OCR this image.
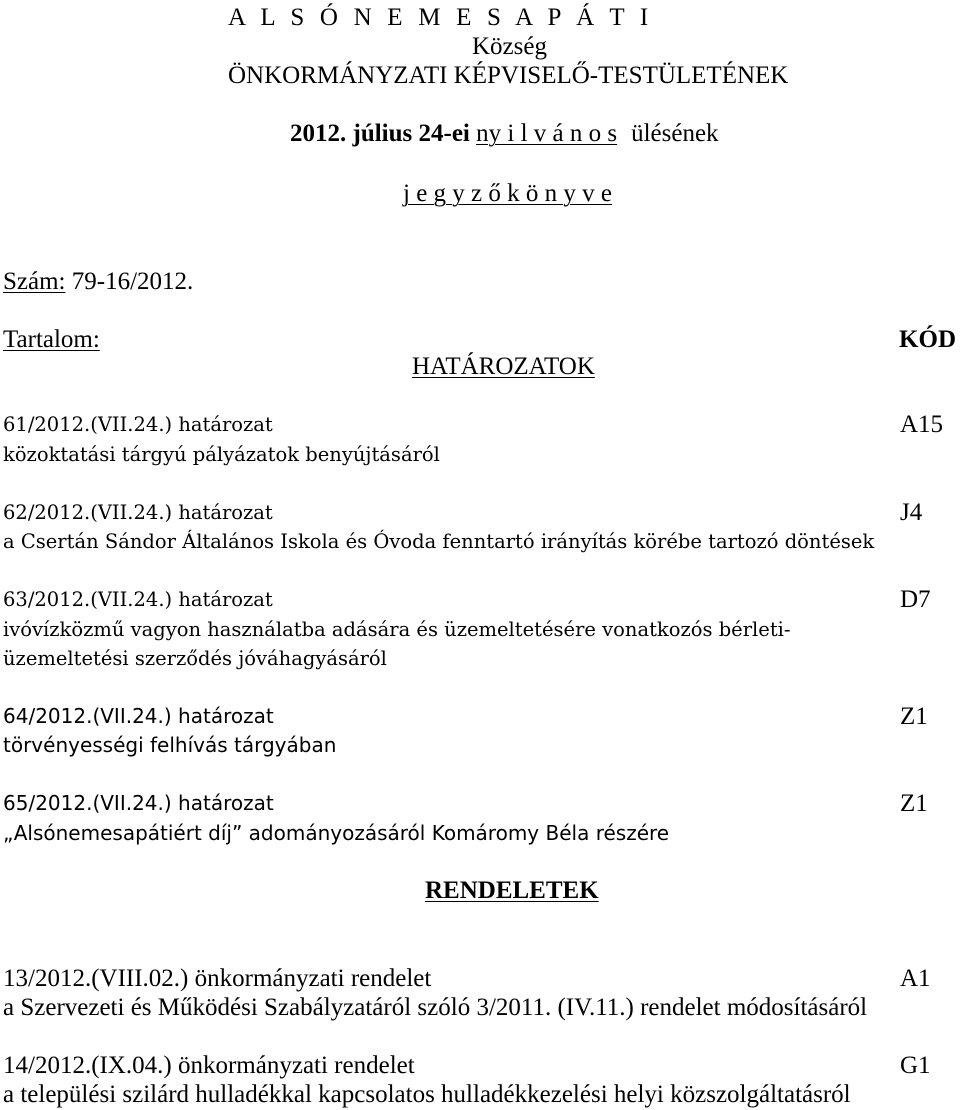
A L S Ó N E M E S A P Á T I
Község
ÖNKORMÁNYZATI KÉPVISELŐ-TESTÜLETÉNEK
2012. július 24-ei ny i l v á n o s ülésének
j e g y z ő k ö n y v e
Szám: 79-16/2012.
Tartalom:	KÓD
HATÁROZATOK
61/2012.(VII.24.) határozat	A15
közoktatási tárgyú pályázatok benyújtásáról
62/2012.(VII.24.) határozat	J4
a Csertán Sándor Általános Iskola és Óvoda fenntartó irányítás körébe tartozó döntések
63/2012.(VII.24.) határozat	D7
ivóvízközmű vagyon használatba adására és üzemeltetésére vonatkozós bérleti-
üzemeltetési szerződés jóváhagyásáról
64/2012.(VII.24.) határozat	Z1
törvényességi felhívás tárgyában
65/2012.(VII.24.) határozat	Z1
„Alsónemesapátiért díj” adományozásáról Komáromy Béla részére
RENDELETEK
13/2012.(VIII.02.) önkormányzati rendelet	A1
a Szervezeti és Működési Szabályzatáról szóló 3/2011. (IV.11.) rendelet módosításáról
14/2012.(IX.04.) önkormányzati rendelet	G1
a települési szilárd hulladékkal kapcsolatos hulladékkezelési helyi közszolgáltatásról
